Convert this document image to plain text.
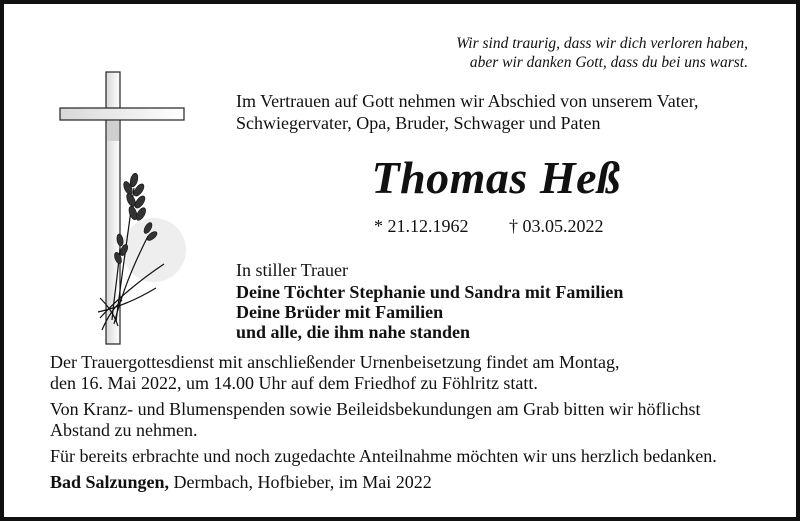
Wir sind traurig, dass wir dich verloren haben,
aber wir danken Gott, dass du bei uns warst.
Im Vertrauen auf Gott nehmen wir Abschied von unserem Vater,
Schwiegervater, Opa, Bruder, Schwager und Paten
Thomas Heß
* 21.12.1962 † 03.05.2022
In stiller Trauer
Deine Töchter Stephanie und Sandra mit Familien
Deine Brüder mit Familien
und alle, die ihm nahe standen

Der Trauergottesdienst mit anschließender Urnenbeisetzung findet am Montag,
den 16. Mai 2022, um 14.00 Uhr auf dem Friedhof zu Föhlritz statt.

Von Kranz- und Blumenspenden sowie Beileidsbekundungen am Grab bitten wir höflichst
Abstand zu nehmen.

Für bereits erbrachte und noch zugedachte Anteilnahme möchten wir uns herzlich bedanken.

Bad Salzungen, Dermbach, Hofbieber, im Mai 2022
